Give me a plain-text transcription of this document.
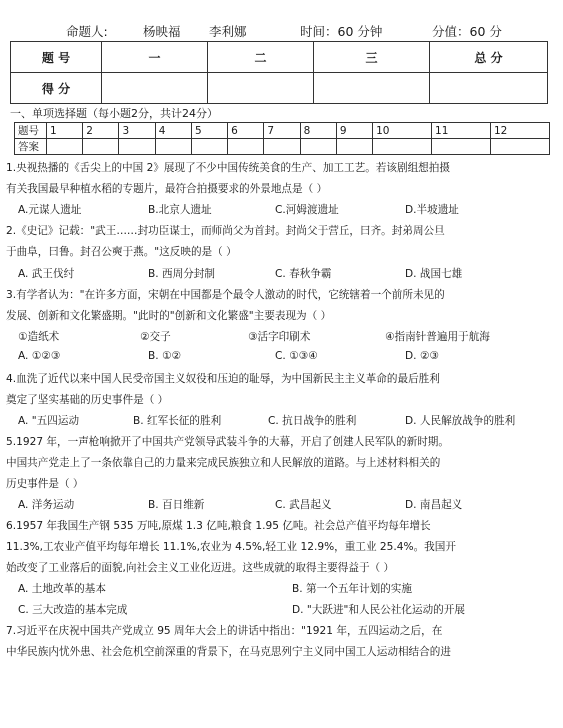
命题人:	杨映福 李利娜	时间：60 分钟	分值：60 分
题 号	一	二	三	总 分
得 分				
一、单项选择题（每小题2分，共计24分）
题号	1	2	3	4	5	6	7	8	9	10	11	12
答案												
1.央视热播的《舌尖上的中国 2》展现了不少中国传统美食的生产、加工工艺。若该剧组想拍摄
有关我国最早种植水稻的专题片，最符合拍摄要求的外景地点是（ ）
A.元谋人遗址	B.北京人遗址	C.河姆渡遗址	D.半坡遗址
2.《史记》记载："武王……封功臣谋士，而师尚父为首封。封尚父于营丘，曰齐。封弟周公旦
于曲阜，曰鲁。封召公奭于燕。"这反映的是（ ）
A. 武王伐纣	B. 西周分封制	C. 春秋争霸	D. 战国七雄
3.有学者认为："在许多方面，宋朝在中国都是个最令人激动的时代，它统辖着一个前所未见的
发展、创新和文化繁盛期。"此时的"创新和文化繁盛"主要表现为（ ）
①造纸术	②交子	③活字印刷术	④指南针普遍用于航海
A. ①②③	B. ①②	C. ①③④	D. ②③
4.血洗了近代以来中国人民受帝国主义奴役和压迫的耻辱，为中国新民主主义革命的最后胜利
奠定了坚实基础的历史事件是（ ）
A. "五四运动	B. 红军长征的胜利	C. 抗日战争的胜利	D. 人民解放战争的胜利
5.1927 年，一声枪响掀开了中国共产党领导武装斗争的大幕，开启了创建人民军队的新时期。
中国共产党走上了一条依靠自己的力量来完成民族独立和人民解放的道路。与上述材料相关的
历史事件是（ ）
A. 洋务运动	B. 百日维新	C. 武昌起义	D. 南昌起义
6.1957 年我国生产钢 535 万吨,原煤 1.3 亿吨,粮食 1.95 亿吨。社会总产值平均每年增长
11.3%,工农业产值平均每年增长 11.1%,农业为 4.5%,轻工业 12.9%，重工业 25.4%。我国开
始改变了工业落后的面貌,向社会主义工业化迈进。这些成就的取得主要得益于（ ）
A. 土地改革的基本	B. 第一个五年计划的实施
C. 三大改造的基本完成	D. "大跃进"和人民公社化运动的开展
7.习近平在庆祝中国共产党成立 95 周年大会上的讲话中指出："1921 年，五四运动之后，在
中华民族内忧外患、社会危机空前深重的背景下，在马克思列宁主义同中国工人运动相结合的进
